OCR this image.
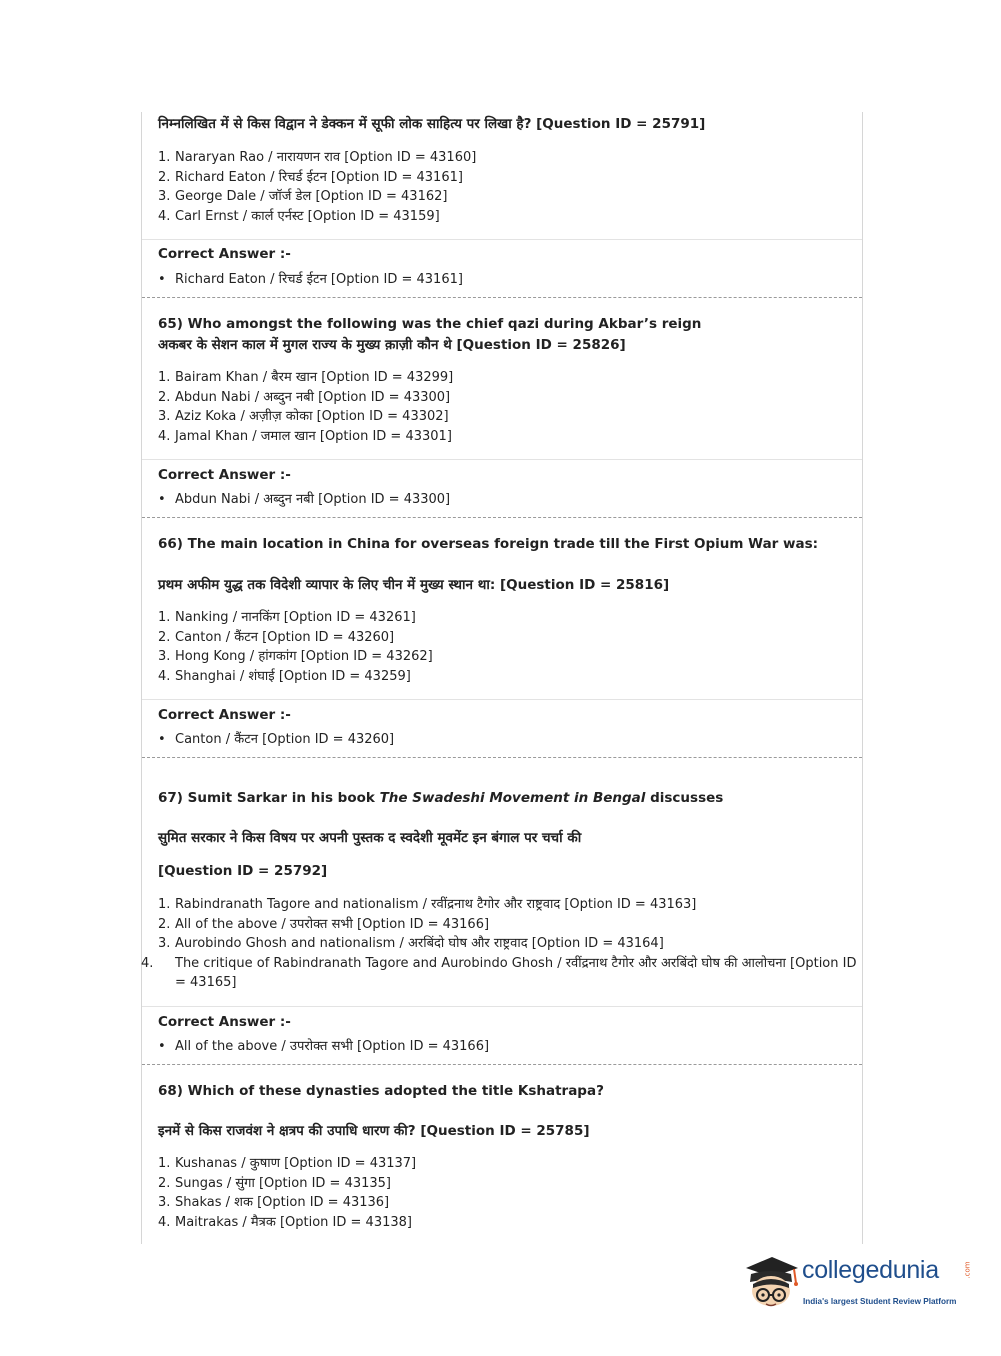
निम्नलिखित में से किस विद्वान ने डेक्कन में सूफी लोक साहित्य पर लिखा है? [Question ID = 25791]
1. Nararyan Rao / नारायणन राव [Option ID = 43160]
2. Richard Eaton / रिचर्ड ईटन [Option ID = 43161]
3. George Dale / जॉर्ज डेल [Option ID = 43162]
4. Carl Ernst / कार्ल एर्नस्ट [Option ID = 43159]
Correct Answer :-
• Richard Eaton / रिचर्ड ईटन [Option ID = 43161]
65) Who amongst the following was the chief qazi during Akbar’s reign
अकबर के सेशन काल में मुगल राज्य के मुख्य क़ाज़ी कौन थे [Question ID = 25826]
1. Bairam Khan / बैरम खान [Option ID = 43299]
2. Abdun Nabi / अब्दुन नबी [Option ID = 43300]
3. Aziz Koka / अज़ीज़ कोका [Option ID = 43302]
4. Jamal Khan / जमाल खान [Option ID = 43301]
Correct Answer :-
• Abdun Nabi / अब्दुन नबी [Option ID = 43300]
66) The main location in China for overseas foreign trade till the First Opium War was:
प्रथम अफीम युद्ध तक विदेशी व्यापार के लिए चीन में मुख्य स्थान था: [Question ID = 25816]
1. Nanking / नानकिंग [Option ID = 43261]
2. Canton / कैंटन [Option ID = 43260]
3. Hong Kong / हांगकांग [Option ID = 43262]
4. Shanghai / शंघाई [Option ID = 43259]
Correct Answer :-
• Canton / कैंटन [Option ID = 43260]
67) Sumit Sarkar in his book The Swadeshi Movement in Bengal discusses
सुमित सरकार ने किस विषय पर अपनी पुस्तक द स्वदेशी मूवमेंट इन बंगाल पर चर्चा की
[Question ID = 25792]
1. Rabindranath Tagore and nationalism / रवींद्रनाथ टैगोर और राष्ट्रवाद [Option ID = 43163]
2. All of the above / उपरोक्त सभी [Option ID = 43166]
3. Aurobindo Ghosh and nationalism / अरबिंदो घोष और राष्ट्रवाद [Option ID = 43164]
4. The critique of Rabindranath Tagore and Aurobindo Ghosh / रवींद्रनाथ टैगोर और अरबिंदो घोष की आलोचना [Option ID = 43165]
Correct Answer :-
• All of the above / उपरोक्त सभी [Option ID = 43166]
68) Which of these dynasties adopted the title Kshatrapa?
इनमें से किस राजवंश ने क्षत्रप की उपाधि धारण की? [Question ID = 25785]
1. Kushanas / कुषाण [Option ID = 43137]
2. Sungas / सुंगा [Option ID = 43135]
3. Shakas / शक [Option ID = 43136]
4. Maitrakas / मैत्रक [Option ID = 43138]
collegedunia	.com
India's largest Student Review Platform
